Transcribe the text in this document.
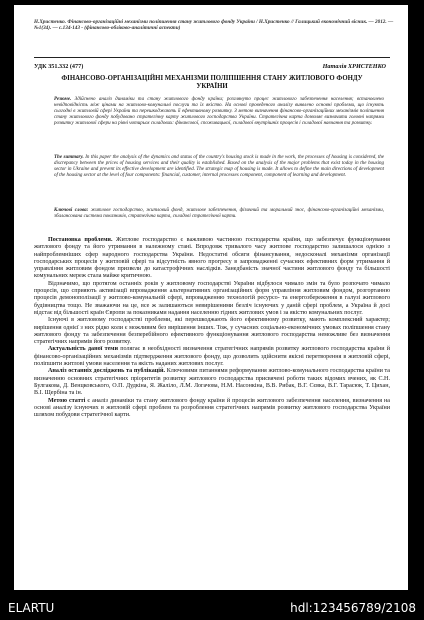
Н.Христенко. Фінансово-організаційні механізми поліпшення стану житлового фонду України / Н.Христенко // Галицький економічний вісник. — 2012. — №1(34). — с.134-143 - (фінансово-обліково-аналітичні аспекти)
УДК 351.332 (477)	Наталія ХРИСТЕНКО
ФІНАНСОВО-ОРГАНІЗАЦІЙНІ МЕХАНІЗМИ ПОЛІПШЕННЯ СТАНУ ЖИТЛОВОГО ФОНДУ УКРАЇНИ
Резюме. Здійснено аналіз динаміки та стану житлового фонду країни; розглянуто процес житлового забезпечення населення; встановлено невідповідність між цінами на житлово-комунальні послуги та їх якістю. На основі проведеного аналізу виявлено основні проблеми, що існують сьогодні в житловій сфері України та перешкоджають її ефективному розвитку. З метою визначення фінансово-організаційних механізмів поліпшення стану житлового фонду побудовано стратегічну карту житлового господарства України. Стратегічна карта дозволяє визначити головні напрями розвитку житлової сфери на рівні чотирьох складових: фінансової, споживацької, складової внутрішніх процесів і складової навчання та розвитку.
The summary. In this paper the analysis of the dynamics and status of the country's housing stock is made in the work, the processes of housing is considered, the discrepancy between the prices of housing services and their quality is established. Based on the analysis of the major problems that exist today in the housing sector in Ukraine and prevent its effective development are identified. The strategic map of housing is made. It allows to define the main directions of development of the housing sector at the level of four components: financial, customer, internal processes component, component of learning and development.
Ключові слова: житлове господарство, житловий фонд, житлове забезпечення, фізичний та моральний знос, фінансово-організаційні механізми, збалансована система показників, стратегічна карта, складові стратегічної карти.

Постановка проблеми. Житлове господарство є важливою частиною господарства країни, що забезпечує функціонування житлового фонду та його утримання в належному стані. Впродовж тривалого часу житлове господарство залишалося однією з найпроблемніших сфер народного господарства України. Недостатні обсяги фінансування, недосконалі механізми організації господарських процесів у житловій сфері та відсутність явного прогресу в запровадженні сучасних ефективних форм утримання й управління житловим фондом призвели до катастрофічних наслідків. Занедбаність значної частини житлового фонду та більшості комунальних мереж стала майже критичною.

Відзначимо, що протягом останніх років у житловому господарстві України відбулося чимало змін та було розпочато чимало процесів, що сприяють активізації впровадження альтернативних організаційних форм управління житловим фондом, розгортанню процесів демонополізації у житлово-комунальній сфері, впровадженню технологій ресурсо- та енергозбереження в галузі житлового будівництва тощо. Не зважаючи на це, все ж залишаються невирішеними безліч існуючих у даній сфері проблем, а Україна й досі відстає від більшості країн Європи за показниками надання населенню гідних житлових умов і за якістю комунальних послуг.

Існуючі в житловому господарстві проблеми, які перешкоджають його ефективному розвитку, мають комплексний характер; вирішення однієї з них рідко коли є можливим без вирішення інших. Тож, у сучасних соціально-економічних умовах поліпшення стану житлового фонду та забезпечення безперебійного ефективного функціонування житлового господарства неможливе без визначення стратегічних напрямів його розвитку.

Актуальність даної теми полягає в необхідності визначення стратегічних напрямів розвитку житлового господарства країни й фінансово-організаційних механізмів підтвердження житлового фонду, що дозволить здійснити якісні перетворення в житловій сфері, поліпшити житлові умови населення та якість наданих житлових послуг.

Аналіз останніх досліджень та публікацій. Ключовими питаннями реформування житлово-комунального господарства країни та визначенню основних стратегічних пріоритетів розвитку житлового господарства присвячені роботи таких відомих вчених, як С.Н. Булгакова, Д. Венцковського, О.П. Дудкіна, Я. Жаліло, Л.М. Логачова, Н.М. Насонкіна, В.В. Рибак, В.Г. Сєвка, В.Г. Тарасюк, Т. Цихан, В.І. Щербіна та ін.

Метою статті є аналіз динаміки та стану житлового фонду країни й процесів житлового забезпечення населення, визначення на основі аналізу існуючих в житловій сфері проблем та розроблення стратегічних напрямів розвитку житлового господарства України шляхом побудови стратегічної карти.

ELARTU	hdl:123456789/2108
